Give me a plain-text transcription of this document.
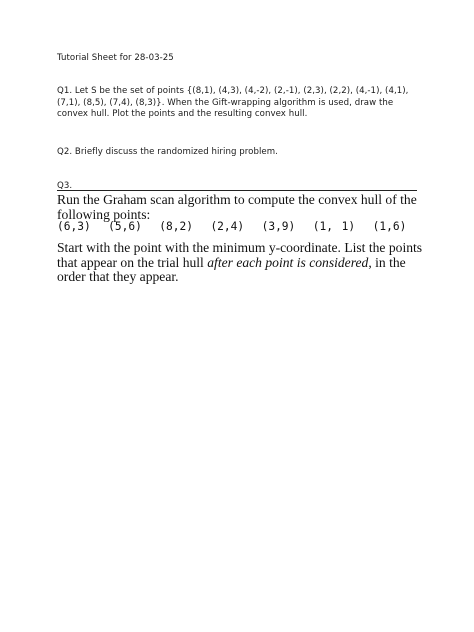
Tutorial Sheet for 28-03-25

Q1. Let S be the set of points {(8,1), (4,3), (4,-2), (2,-1), (2,3), (2,2), (4,-1), (4,1), (7,1), (8,5), (7,4), (8,3)}. When the Gift-wrapping algorithm is used, draw the convex hull. Plot the points and the resulting convex hull.

Q2. Briefly discuss the randomized hiring problem.

Q3.

Run the Graham scan algorithm to compute the convex hull of the following points:

(6,3)  (5,6)  (8,2)  (2,4)  (3,9)  (1, 1)  (1,6)

Start with the point with the minimum y-coordinate. List the points that appear on the trial hull after each point is considered, in the order that they appear.
